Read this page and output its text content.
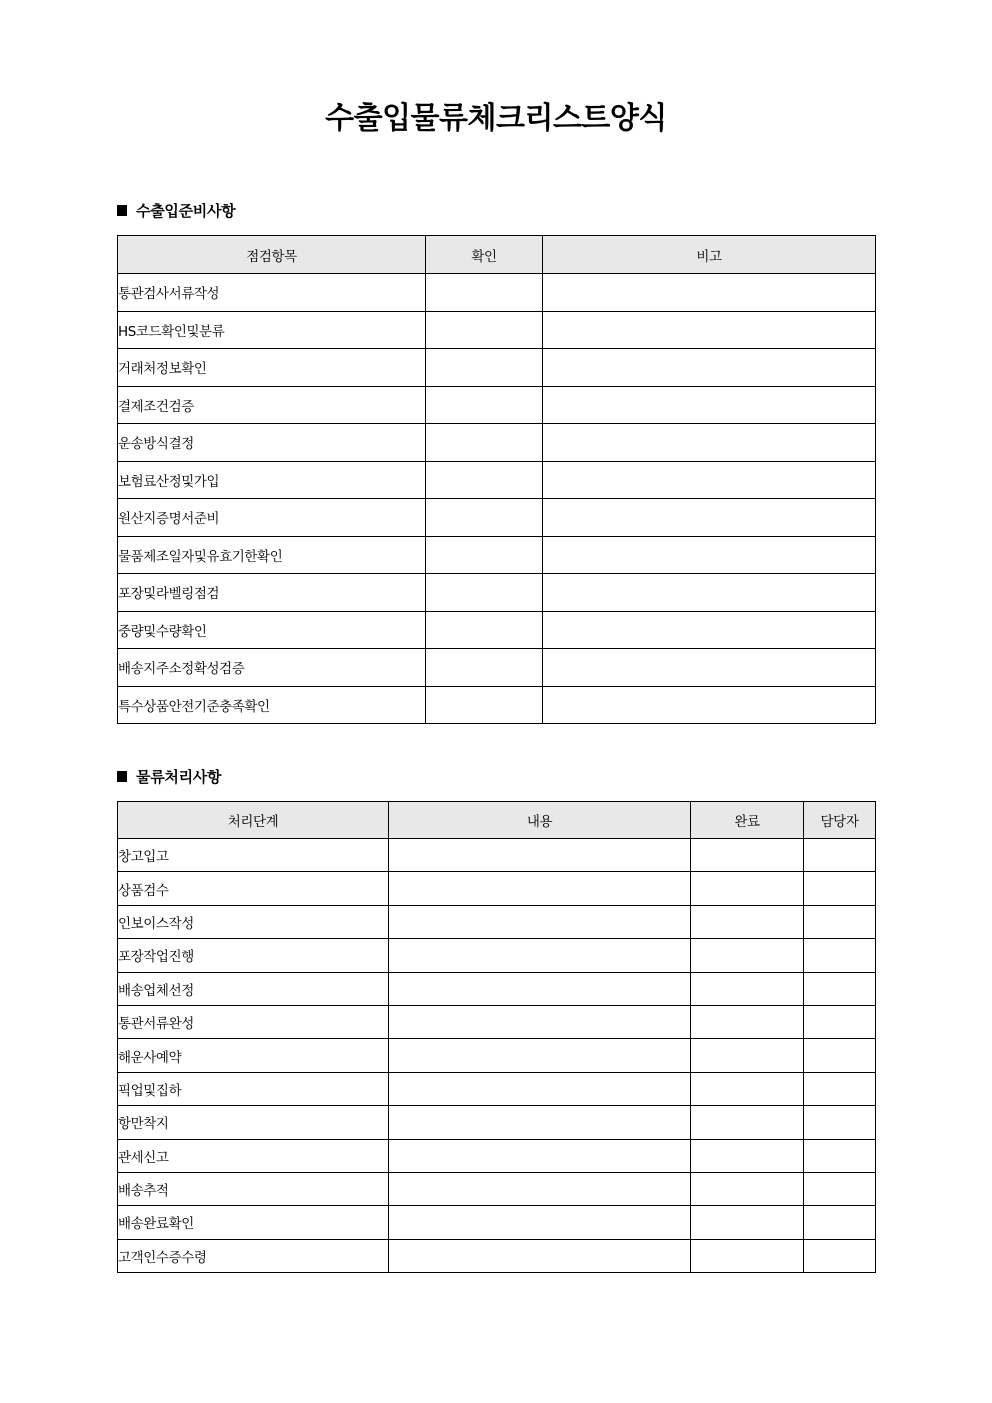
수출입물류체크리스트양식
수출입준비사항
점검항목	확인	비고
통관검사서류작성		
HS코드확인및분류		
거래처정보확인		
결제조건검증		
운송방식결정		
보험료산정및가입		
원산지증명서준비		
물품제조일자및유효기한확인		
포장및라벨링점검		
중량및수량확인		
배송지주소정확성검증		
특수상품안전기준충족확인		
물류처리사항
처리단계	내용	완료	담당자
창고입고			
상품검수			
인보이스작성			
포장작업진행			
배송업체선정			
통관서류완성			
해운사예약			
픽업및집하			
항만착지			
관세신고			
배송추적			
배송완료확인			
고객인수증수령			
